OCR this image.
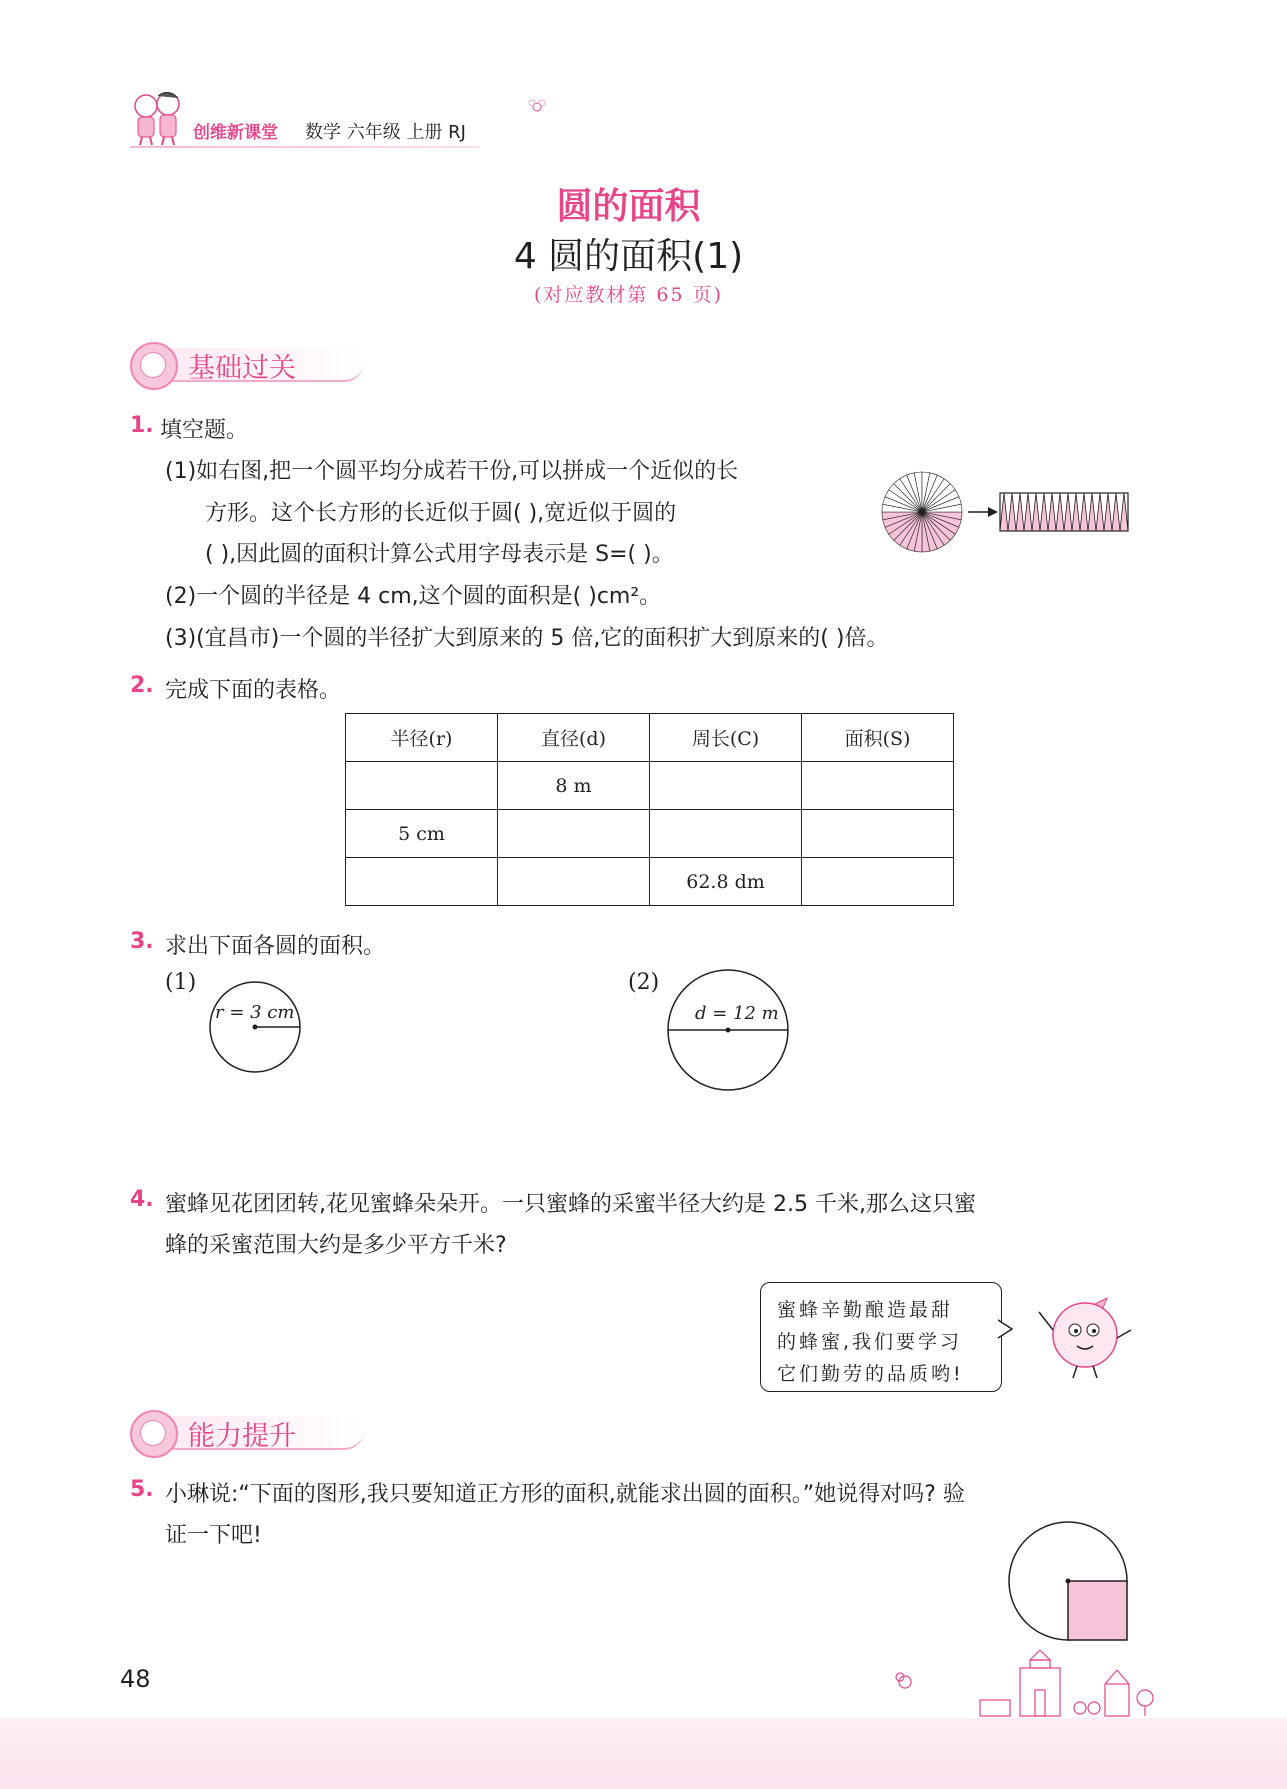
创维新课堂 数学 六年级 上册 RJ
圆的面积
4 圆的面积(1)
(对应教材第 65 页)
基础过关
1. 填空题。
(1)如右图,把一个圆平均分成若干份,可以拼成一个近似的长
方形。这个长方形的长近似于圆( ),宽近似于圆的
( ),因此圆的面积计算公式用字母表示是 S=( )。
(2)一个圆的半径是 4 cm,这个圆的面积是( )cm²。
(3)(宜昌市)一个圆的半径扩大到原来的 5 倍,它的面积扩大到原来的( )倍。
2. 完成下面的表格。
半径(r)	直径(d)	周长(C)	面积(S)
	8 m		
5 cm			
		62.8 dm	
3. 求出下面各圆的面积。
(1)	(2)
r = 3 cm	d = 12 m
4. 蜜蜂见花团团转,花见蜜蜂朵朵开。一只蜜蜂的采蜜半径大约是 2.5 千米,那么这只蜜
蜂的采蜜范围大约是多少平方千米?
蜜蜂辛勤酿造最甜
的蜂蜜,我们要学习
它们勤劳的品质哟!
能力提升
5. 小琳说:“下面的图形,我只要知道正方形的面积,就能求出圆的面积。”她说得对吗? 验
证一下吧!
48
